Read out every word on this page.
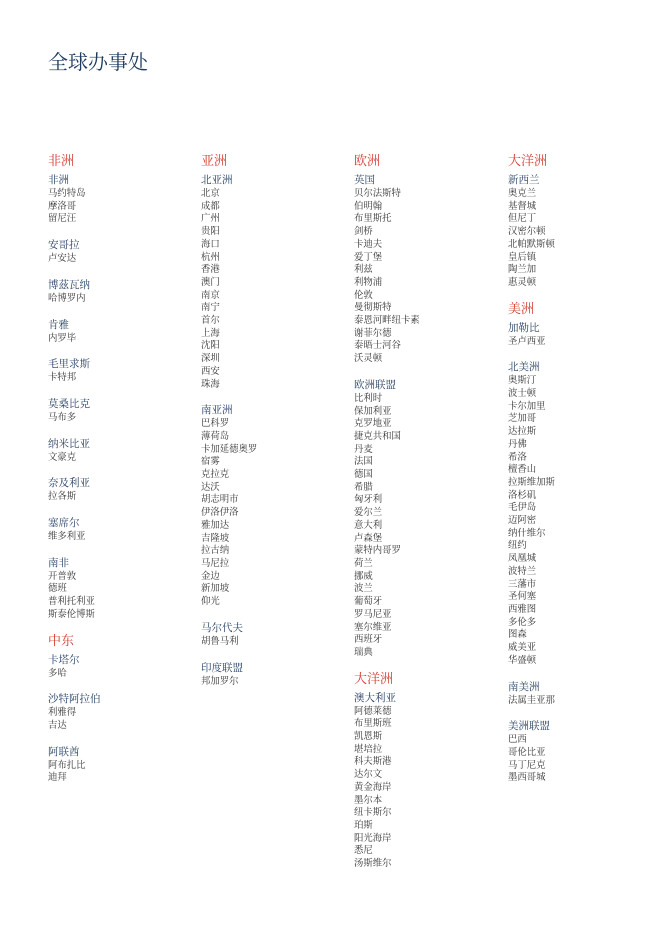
全球办事处
非洲
非洲
马约特岛
摩洛哥
留尼汪
安哥拉
卢安达
博茲瓦纳
哈博罗内
肯雅
内罗毕
毛里求斯
卡特邦
莫桑比克
马布多
纳米比亚
文豪克
奈及利亚
拉各斯
塞席尔
维多利亚
南非
开普敦
德班
普利托利亚
斯泰伦博斯
中东
卡塔尔
多哈
沙特阿拉伯
利雅得
吉达
阿联酋
阿布扎比
迪拜
亚洲
北亚洲
北京
成都
广州
贵阳
海口
杭州
香港
澳门
南京
南宁
首尔
上海
沈阳
深圳
西安
珠海
南亚洲
巴科罗
薄荷岛
卡加延德奥罗
宿雾
克拉克
达沃
胡志明市
伊洛伊洛
雅加达
吉隆坡
拉古纳
马尼拉
金边
新加坡
仰光
马尔代夫
胡鲁马利
印度联盟
邦加罗尔
欧洲
英国
贝尔法斯特
伯明翰
布里斯托
剑桥
卡迪夫
爱丁堡
利兹
利物浦
伦敦
曼彻斯特
泰恩河畔纽卡素
谢菲尔德
泰晤士河谷
沃灵顿
欧洲联盟
比利时
保加利亚
克罗地亚
捷克共和国
丹麦
法国
德国
希腊
匈牙利
爱尔兰
意大利
卢森堡
蒙特内哥罗
荷兰
挪威
波兰
葡萄牙
罗马尼亚
塞尔维亚
西班牙
瑞典
大洋洲
澳大利亚
阿德莱德
布里斯班
凯恩斯
堪培拉
科夫斯港
达尔文
黄金海岸
墨尔本
纽卡斯尔
珀斯
阳光海岸
悉尼
汤斯维尔
大洋洲
新西兰
奥克兰
基督城
但尼丁
汉密尔顿
北帕默斯顿
皇后镇
陶兰加
惠灵顿
美洲
加勒比
圣卢西亚
北美洲
奥斯汀
波士顿
卡尔加里
芝加哥
达拉斯
丹佛
希洛
檀香山
拉斯维加斯
洛杉矶
毛伊岛
迈阿密
纳什维尔
纽约
凤凰城
波特兰
三藩市
圣何塞
西雅图
多伦多
图森
威美亚
华盛顿
南美洲
法属圭亚那
美洲联盟
巴西
哥伦比亚
马丁尼克
墨西哥城
